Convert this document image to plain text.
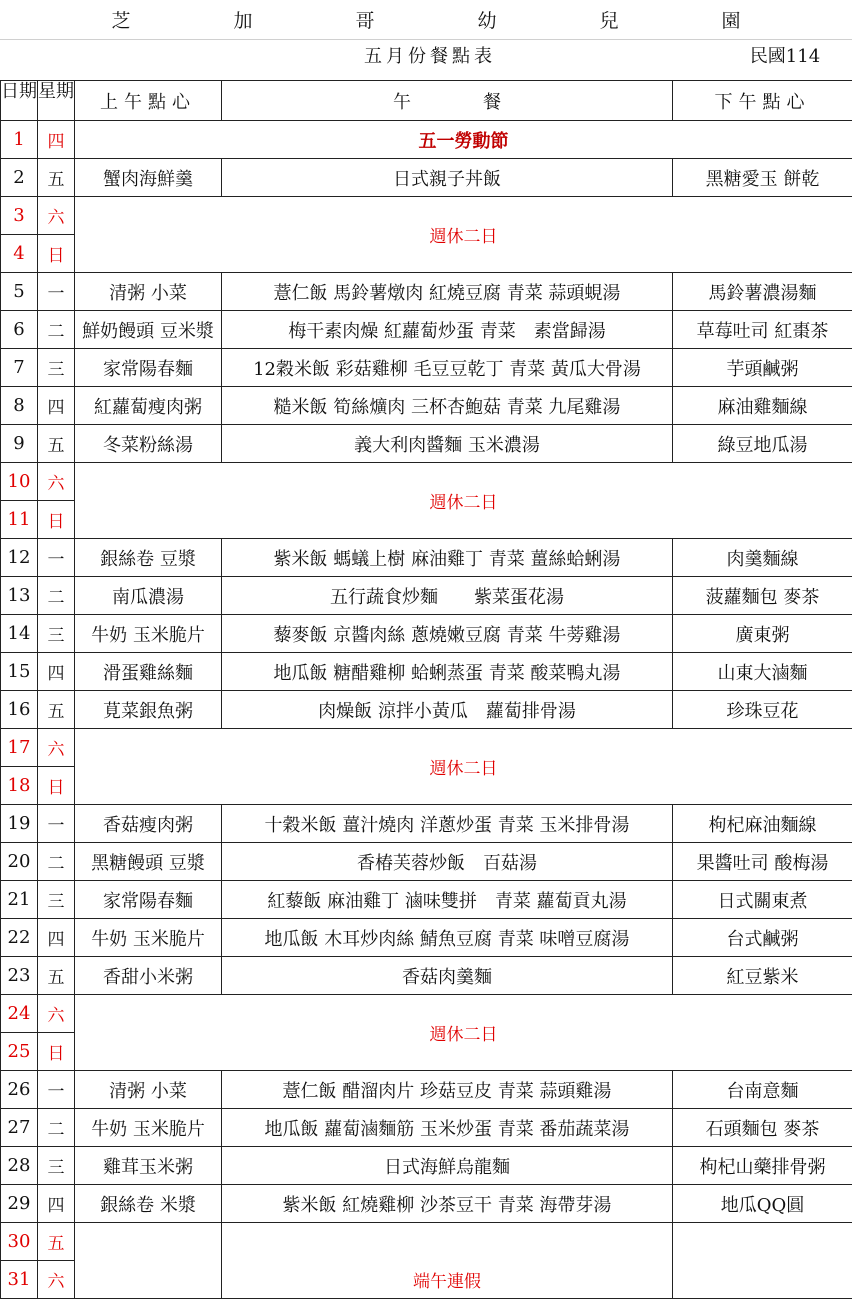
芝	加	哥	幼	兒	園
五月份餐點表	民國114
日期	星期	上午點心	午　　　　餐	下午點心
1	四	五一勞動節		
2	五	蟹肉海鮮羹	日式親子丼飯	黑糖愛玉 餅乾
3	六	週休二日		
4	日			
5	一	清粥 小菜	薏仁飯 馬鈴薯燉肉 紅燒豆腐 青菜 蒜頭蜆湯	馬鈴薯濃湯麵
6	二	鮮奶饅頭 豆米漿	梅干素肉燥 紅蘿蔔炒蛋 青菜　素當歸湯	草莓吐司 紅棗茶
7	三	家常陽春麵	12穀米飯 彩菇雞柳 毛豆豆乾丁 青菜 黃瓜大骨湯	芋頭鹹粥
8	四	紅蘿蔔瘦肉粥	糙米飯 筍絲爌肉 三杯杏鮑菇 青菜 九尾雞湯	麻油雞麵線
9	五	冬菜粉絲湯	義大利肉醬麵 玉米濃湯	綠豆地瓜湯
10	六	週休二日		
11	日			
12	一	銀絲卷 豆漿	紫米飯 螞蟻上樹 麻油雞丁 青菜 薑絲蛤蜊湯	肉羹麵線
13	二	南瓜濃湯	五行蔬食炒麵　　紫菜蛋花湯	菠蘿麵包 麥茶
14	三	牛奶 玉米脆片	藜麥飯 京醬肉絲 蔥燒嫩豆腐 青菜 牛蒡雞湯	廣東粥
15	四	滑蛋雞絲麵	地瓜飯 糖醋雞柳 蛤蜊蒸蛋 青菜 酸菜鴨丸湯	山東大滷麵
16	五	莧菜銀魚粥	肉燥飯 涼拌小黃瓜　蘿蔔排骨湯	珍珠豆花
17	六	週休二日		
18	日			
19	一	香菇瘦肉粥	十穀米飯 薑汁燒肉 洋蔥炒蛋 青菜 玉米排骨湯	枸杞麻油麵線
20	二	黑糖饅頭 豆漿	香椿芙蓉炒飯　百菇湯	果醬吐司 酸梅湯
21	三	家常陽春麵	紅藜飯 麻油雞丁 滷味雙拼　青菜 蘿蔔貢丸湯	日式關東煮
22	四	牛奶 玉米脆片	地瓜飯 木耳炒肉絲 鯖魚豆腐 青菜 味噌豆腐湯	台式鹹粥
23	五	香甜小米粥	香菇肉羹麵	紅豆紫米
24	六	週休二日		
25	日			
26	一	清粥 小菜	薏仁飯 醋溜肉片 珍菇豆皮 青菜 蒜頭雞湯	台南意麵
27	二	牛奶 玉米脆片	地瓜飯 蘿蔔滷麵筋 玉米炒蛋 青菜 番茄蔬菜湯	石頭麵包 麥茶
28	三	雞茸玉米粥	日式海鮮烏龍麵	枸杞山藥排骨粥
29	四	銀絲卷 米漿	紫米飯 紅燒雞柳 沙茶豆干 青菜 海帶芽湯	地瓜QQ圓
30	五			
31	六		端午連假	
